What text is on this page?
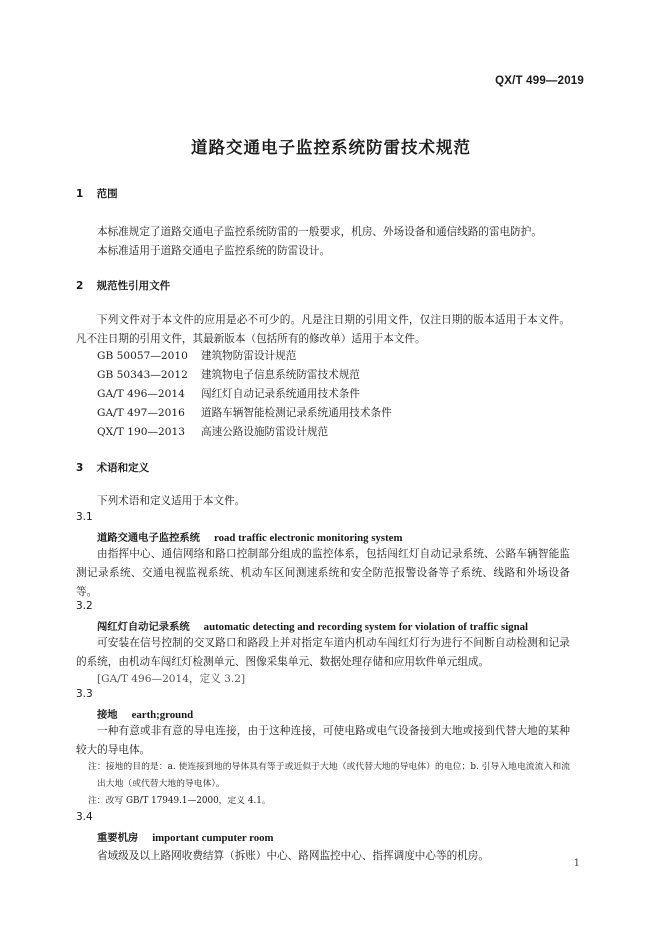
QX/T 499—2019
道路交通电子监控系统防雷技术规范
1 范围
本标准规定了道路交通电子监控系统防雷的一般要求，机房、外场设备和通信线路的雷电防护。
本标准适用于道路交通电子监控系统的防雷设计。
2 规范性引用文件
下列文件对于本文件的应用是必不可少的。凡是注日期的引用文件，仅注日期的版本适用于本文件。凡不注日期的引用文件，其最新版本（包括所有的修改单）适用于本文件。
GB 50057—2010 建筑物防雷设计规范
GB 50343—2012 建筑物电子信息系统防雷技术规范
GA/T 496—2014 闯红灯自动记录系统通用技术条件
GA/T 497—2016 道路车辆智能检测记录系统通用技术条件
QX/T 190—2013 高速公路设施防雷设计规范
3 术语和定义
下列术语和定义适用于本文件。
3.1
道路交通电子监控系统 road traffic electronic monitoring system
由指挥中心、通信网络和路口控制部分组成的监控体系，包括闯红灯自动记录系统、公路车辆智能监测记录系统、交通电视监视系统、机动车区间测速系统和安全防范报警设备等子系统、线路和外场设备等。
3.2
闯红灯自动记录系统 automatic detecting and recording system for violation of traffic signal
可安装在信号控制的交叉路口和路段上并对指定车道内机动车闯红灯行为进行不间断自动检测和记录的系统，由机动车闯红灯检测单元、图像采集单元、数据处理存储和应用软件单元组成。
[GA/T 496—2014，定义 3.2]
3.3
接地 earth;ground
一种有意或非有意的导电连接，由于这种连接，可使电路或电气设备接到大地或接到代替大地的某种较大的导电体。
注：接地的目的是：a. 使连接到地的导体具有等于或近似于大地（或代替大地的导电体）的电位；b. 引导入地电流流入和流出大地（或代替大地的导电体）。
注：改写 GB/T 17949.1—2000，定义 4.1。
3.4
重要机房 important cumputer room
省域级及以上路网收费结算（拆账）中心、路网监控中心、指挥调度中心等的机房。
1
